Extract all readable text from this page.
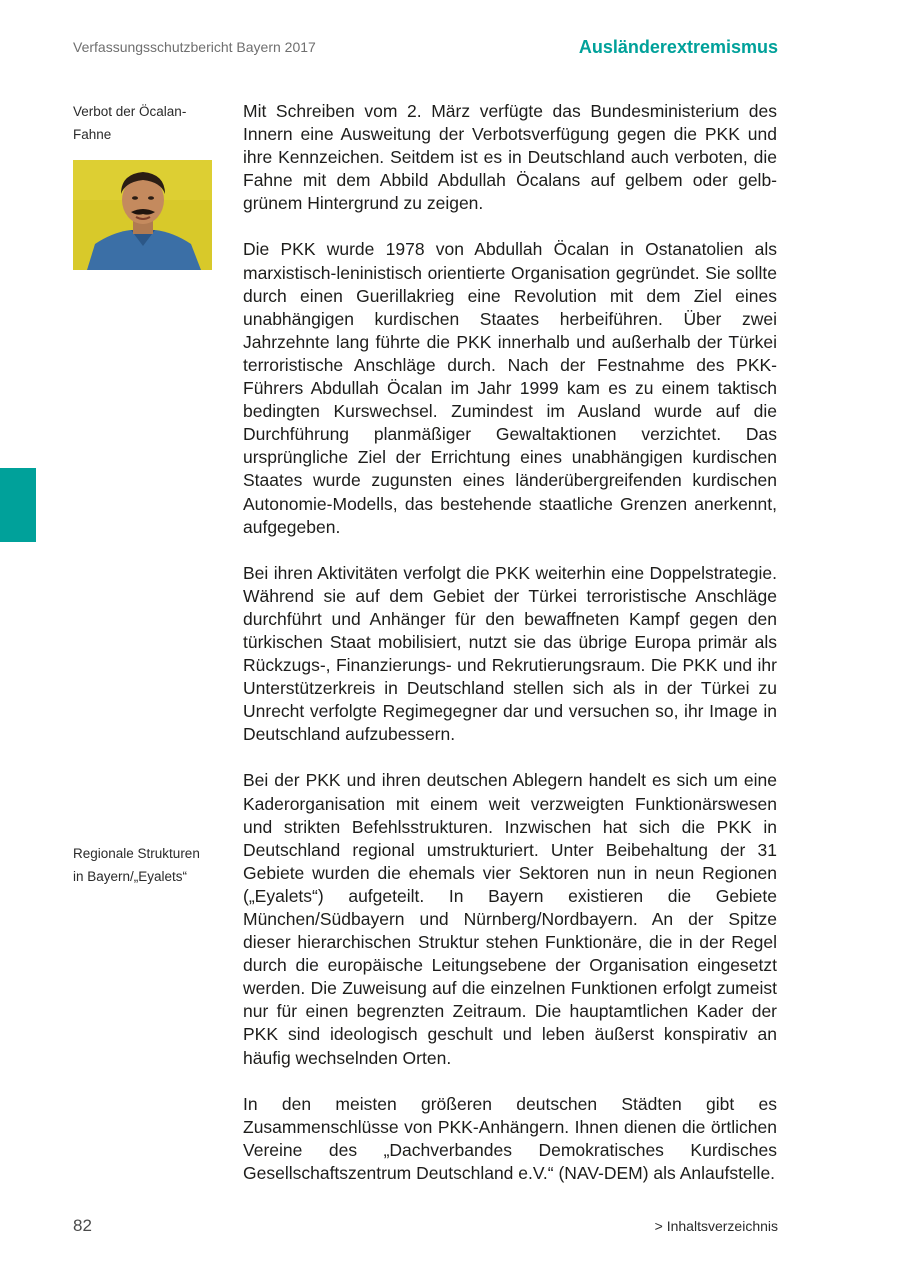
Verfassungsschutzbericht Bayern 2017	Ausländerextremismus
Verbot der Öcalan-
Fahne
Regionale Strukturen
in Bayern/„Eyalets“

Mit Schreiben vom 2. März verfügte das Bundesministerium des Innern eine Ausweitung der Verbotsverfügung gegen die PKK und ihre Kennzeichen. Seitdem ist es in Deutschland auch verboten, die Fahne mit dem Abbild Abdullah Öcalans auf gelbem oder gelb-grünem Hintergrund zu zeigen.

Die PKK wurde 1978 von Abdullah Öcalan in Ostanatolien als marxistisch-leninistisch orientierte Organisation gegründet. Sie sollte durch einen Guerillakrieg eine Revolution mit dem Ziel eines unabhängigen kurdischen Staates herbeiführen. Über zwei Jahrzehnte lang führte die PKK innerhalb und außerhalb der Türkei terroristische Anschläge durch. Nach der Festnahme des PKK-Führers Abdullah Öcalan im Jahr 1999 kam es zu einem taktisch bedingten Kurswechsel. Zumindest im Ausland wurde auf die Durchführung planmäßiger Gewaltaktionen verzichtet. Das ursprüngliche Ziel der Errichtung eines unabhängigen kurdischen Staates wurde zugunsten eines länderübergreifenden kurdischen Autonomie-Modells, das bestehende staatliche Grenzen anerkennt, aufgegeben.

Bei ihren Aktivitäten verfolgt die PKK weiterhin eine Doppelstrategie. Während sie auf dem Gebiet der Türkei terroristische Anschläge durchführt und Anhänger für den bewaffneten Kampf gegen den türkischen Staat mobilisiert, nutzt sie das übrige Europa primär als Rückzugs-, Finanzierungs- und Rekrutierungsraum. Die PKK und ihr Unterstützerkreis in Deutschland stellen sich als in der Türkei zu Unrecht verfolgte Regimegegner dar und versuchen so, ihr Image in Deutschland aufzubessern.

Bei der PKK und ihren deutschen Ablegern handelt es sich um eine Kaderorganisation mit einem weit verzweigten Funktionärswesen und strikten Befehlsstrukturen. Inzwischen hat sich die PKK in Deutschland regional umstrukturiert. Unter Beibehaltung der 31 Gebiete wurden die ehemals vier Sektoren nun in neun Regionen („Eyalets“) aufgeteilt. In Bayern existieren die Gebiete München/Südbayern und Nürnberg/Nordbayern. An der Spitze dieser hierarchischen Struktur stehen Funktionäre, die in der Regel durch die europäische Leitungsebene der Organisation eingesetzt werden. Die Zuweisung auf die einzelnen Funktionen erfolgt zumeist nur für einen begrenzten Zeitraum. Die hauptamtlichen Kader der PKK sind ideologisch geschult und leben äußerst konspirativ an häufig wechselnden Orten.

In den meisten größeren deutschen Städten gibt es Zusammenschlüsse von PKK-Anhängern. Ihnen dienen die örtlichen Vereine des „Dachverbandes Demokratisches Kurdisches Gesellschaftszentrum Deutschland e.V.“ (NAV-DEM) als Anlaufstelle.

82	> Inhaltsverzeichnis
